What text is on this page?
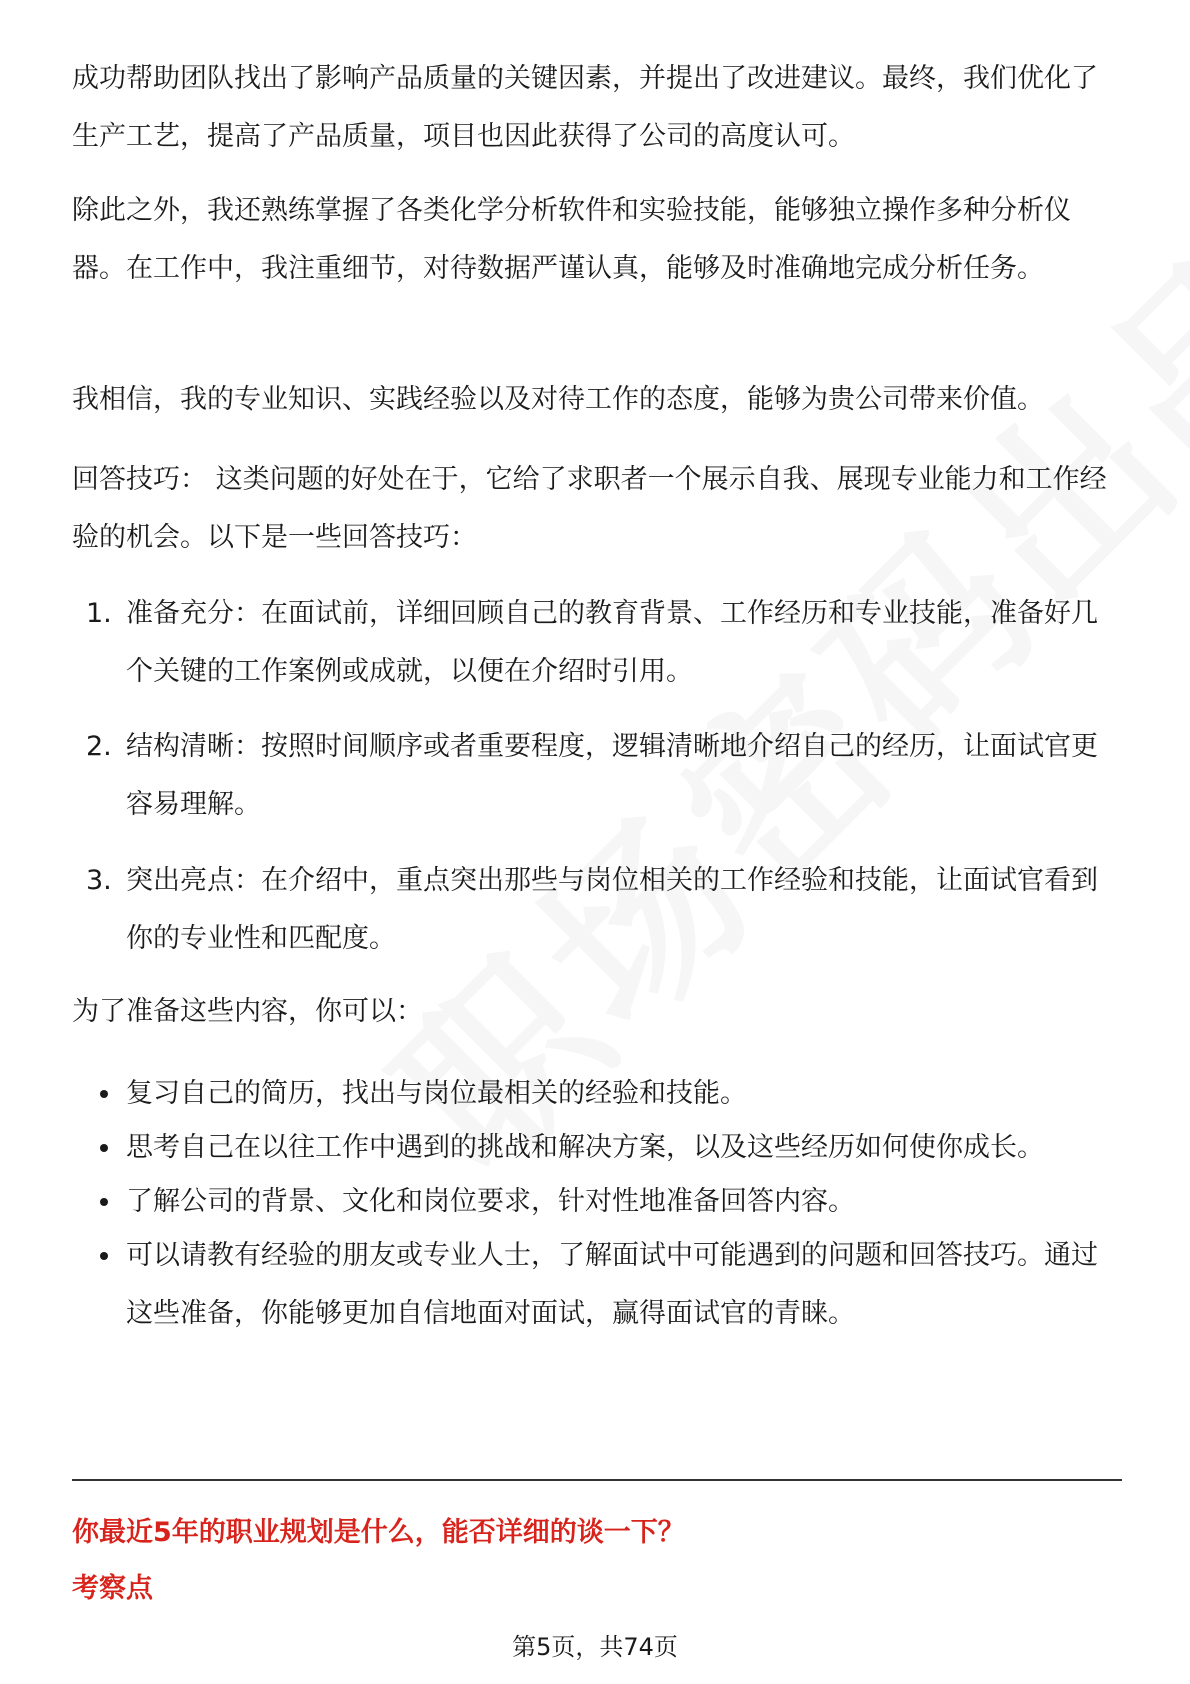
成功帮助团队找出了影响产品质量的关键因素，并提出了改进建议。最终，我们优化了生产工艺，提高了产品质量，项目也因此获得了公司的高度认可。

除此之外，我还熟练掌握了各类化学分析软件和实验技能，能够独立操作多种分析仪器。在工作中，我注重细节，对待数据严谨认真，能够及时准确地完成分析任务。

我相信，我的专业知识、实践经验以及对待工作的态度，能够为贵公司带来价值。

回答技巧： 这类问题的好处在于，它给了求职者一个展示自我、展现专业能力和工作经验的机会。以下是一些回答技巧：

1. 准备充分：在面试前，详细回顾自己的教育背景、工作经历和专业技能，准备好几个关键的工作案例或成就，以便在介绍时引用。
2. 结构清晰：按照时间顺序或者重要程度，逻辑清晰地介绍自己的经历，让面试官更容易理解。
3. 突出亮点：在介绍中，重点突出那些与岗位相关的工作经验和技能，让面试官看到你的专业性和匹配度。

为了准备这些内容，你可以：

复习自己的简历，找出与岗位最相关的经验和技能。
思考自己在以往工作中遇到的挑战和解决方案，以及这些经历如何使你成长。
了解公司的背景、文化和岗位要求，针对性地准备回答内容。
可以请教有经验的朋友或专业人士，了解面试中可能遇到的问题和回答技巧。通过这些准备，你能够更加自信地面对面试，赢得面试官的青睐。
你最近5年的职业规划是什么，能否详细的谈一下？
考察点
第5页，共74页
